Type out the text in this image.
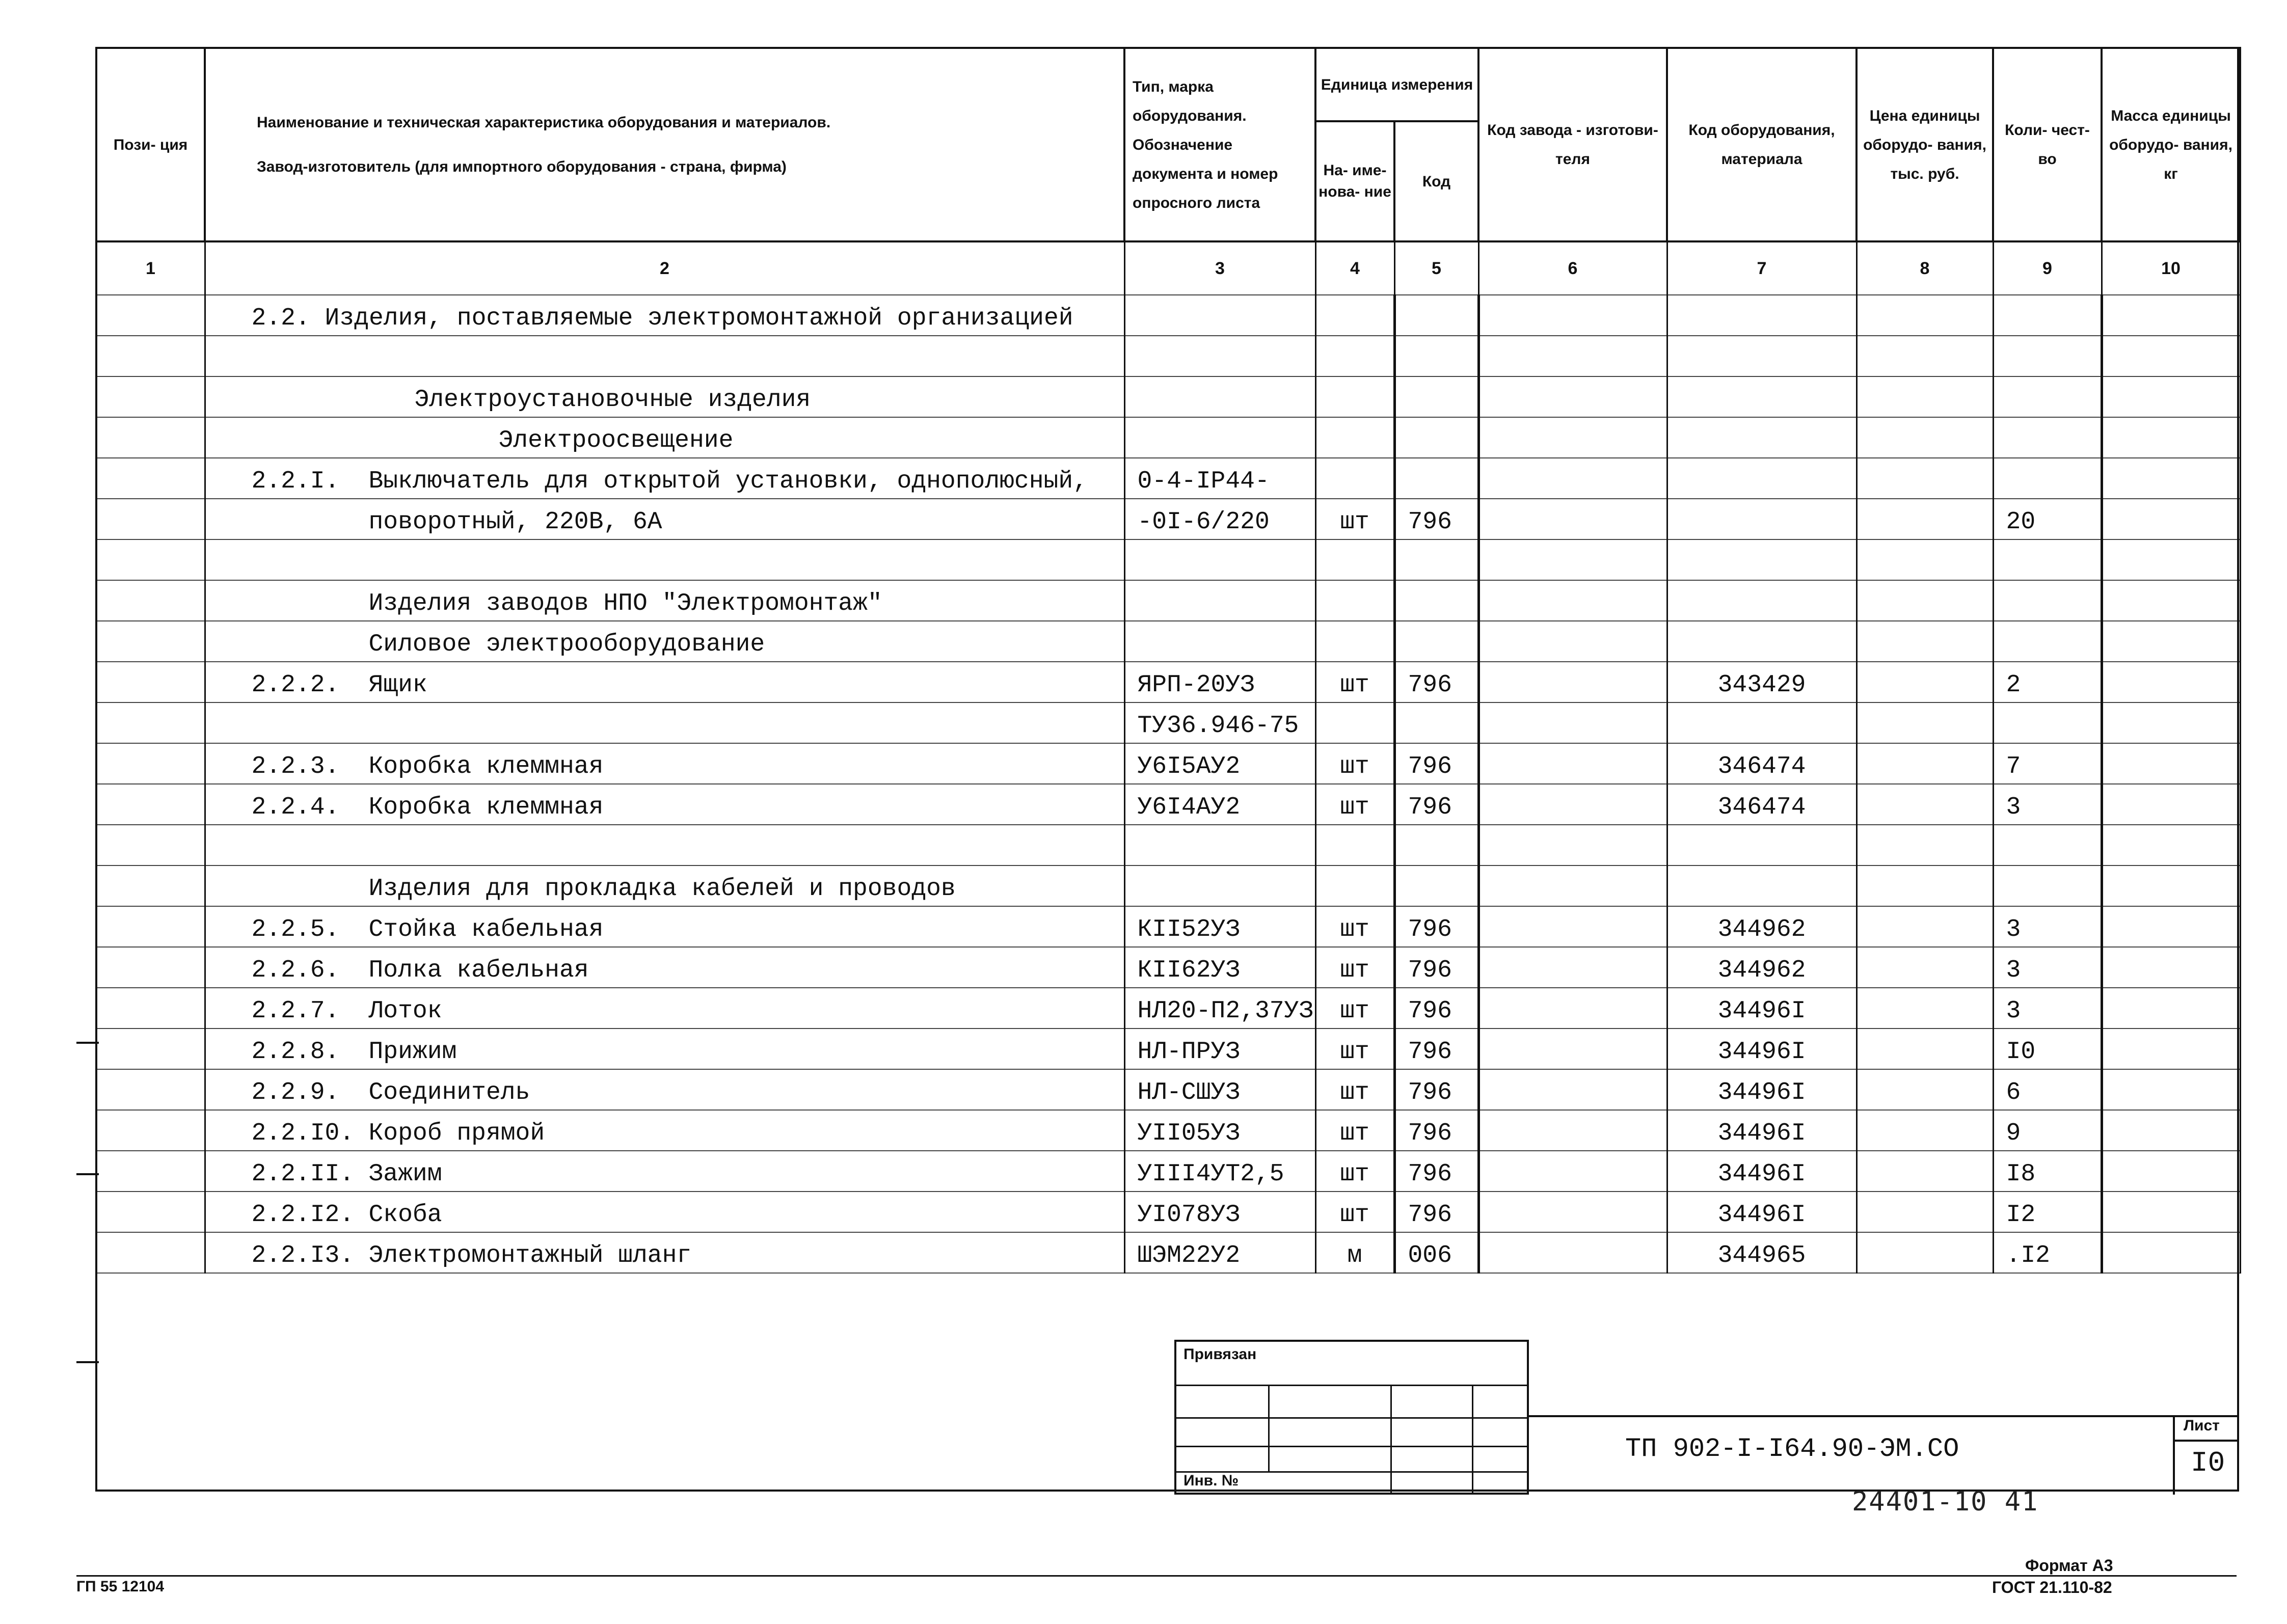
Пози- ция	Наименование и техническая характеристика оборудования и материалов.
Завод-изготовитель (для импортного оборудования - страна, фирма)	Тип, марка оборудования. Обозначение документа и номер опросного листа	Единица измерения		Код завода - изготови- теля	Код оборудования, материала	Цена единицы оборудо- вания, тыс. руб.	Коли- чест- во	Масса единицы оборудо- вания, кг
			На- име- нова- ние	Код					
1	2	3	4	5	6	7	8	9	10
	2.2. Изделия, поставляемые электромонтажной организацией								

	Электроустановочные изделия								
	Электроосвещение								
	2.2.I. Выключатель для открытой установки, однополюсный,	0-4-IP44-							
	поворотный, 220В, 6А	-0I-6/220	шт	796				20	

	Изделия заводов НПО "Электромонтаж"								
	Силовое электрооборудование								
	2.2.2. Ящик	ЯРП-20УЗ	шт	796		343429		2	
		ТУ36.946-75							
	2.2.3. Коробка клеммная	У6I5АУ2	шт	796		346474		7	
	2.2.4. Коробка клеммная	У6I4АУ2	шт	796		346474		3	

	Изделия для прокладка кабелей и проводов								
	2.2.5. Стойка кабельная	КII52УЗ	шт	796		344962		3	
	2.2.6. Полка кабельная	КII62УЗ	шт	796		344962		3	
	2.2.7. Лоток	НЛ20-П2,37УЗ	шт	796		34496I		3	
	2.2.8. Прижим	НЛ-ПРУЗ	шт	796		34496I		I0	
	2.2.9. Соединитель	НЛ-СШУЗ	шт	796		34496I		6	
	2.2.I0. Короб прямой	УII05УЗ	шт	796		34496I		9	
	2.2.II. Зажим	УIII4УТ2,5	шт	796		34496I		I8	
	2.2.I2. Скоба	УI078УЗ	шт	796		34496I		I2	
	2.2.I3. Электромонтажный шланг	ШЭМ22У2	м	006		344965		.I2	
Привязан
Инв. №
ТП 902-I-I64.90-ЭМ.СО
Лист
I0
24401-10 41
Формат А3
ГОСТ 21.110-82
ГП 55 12104
